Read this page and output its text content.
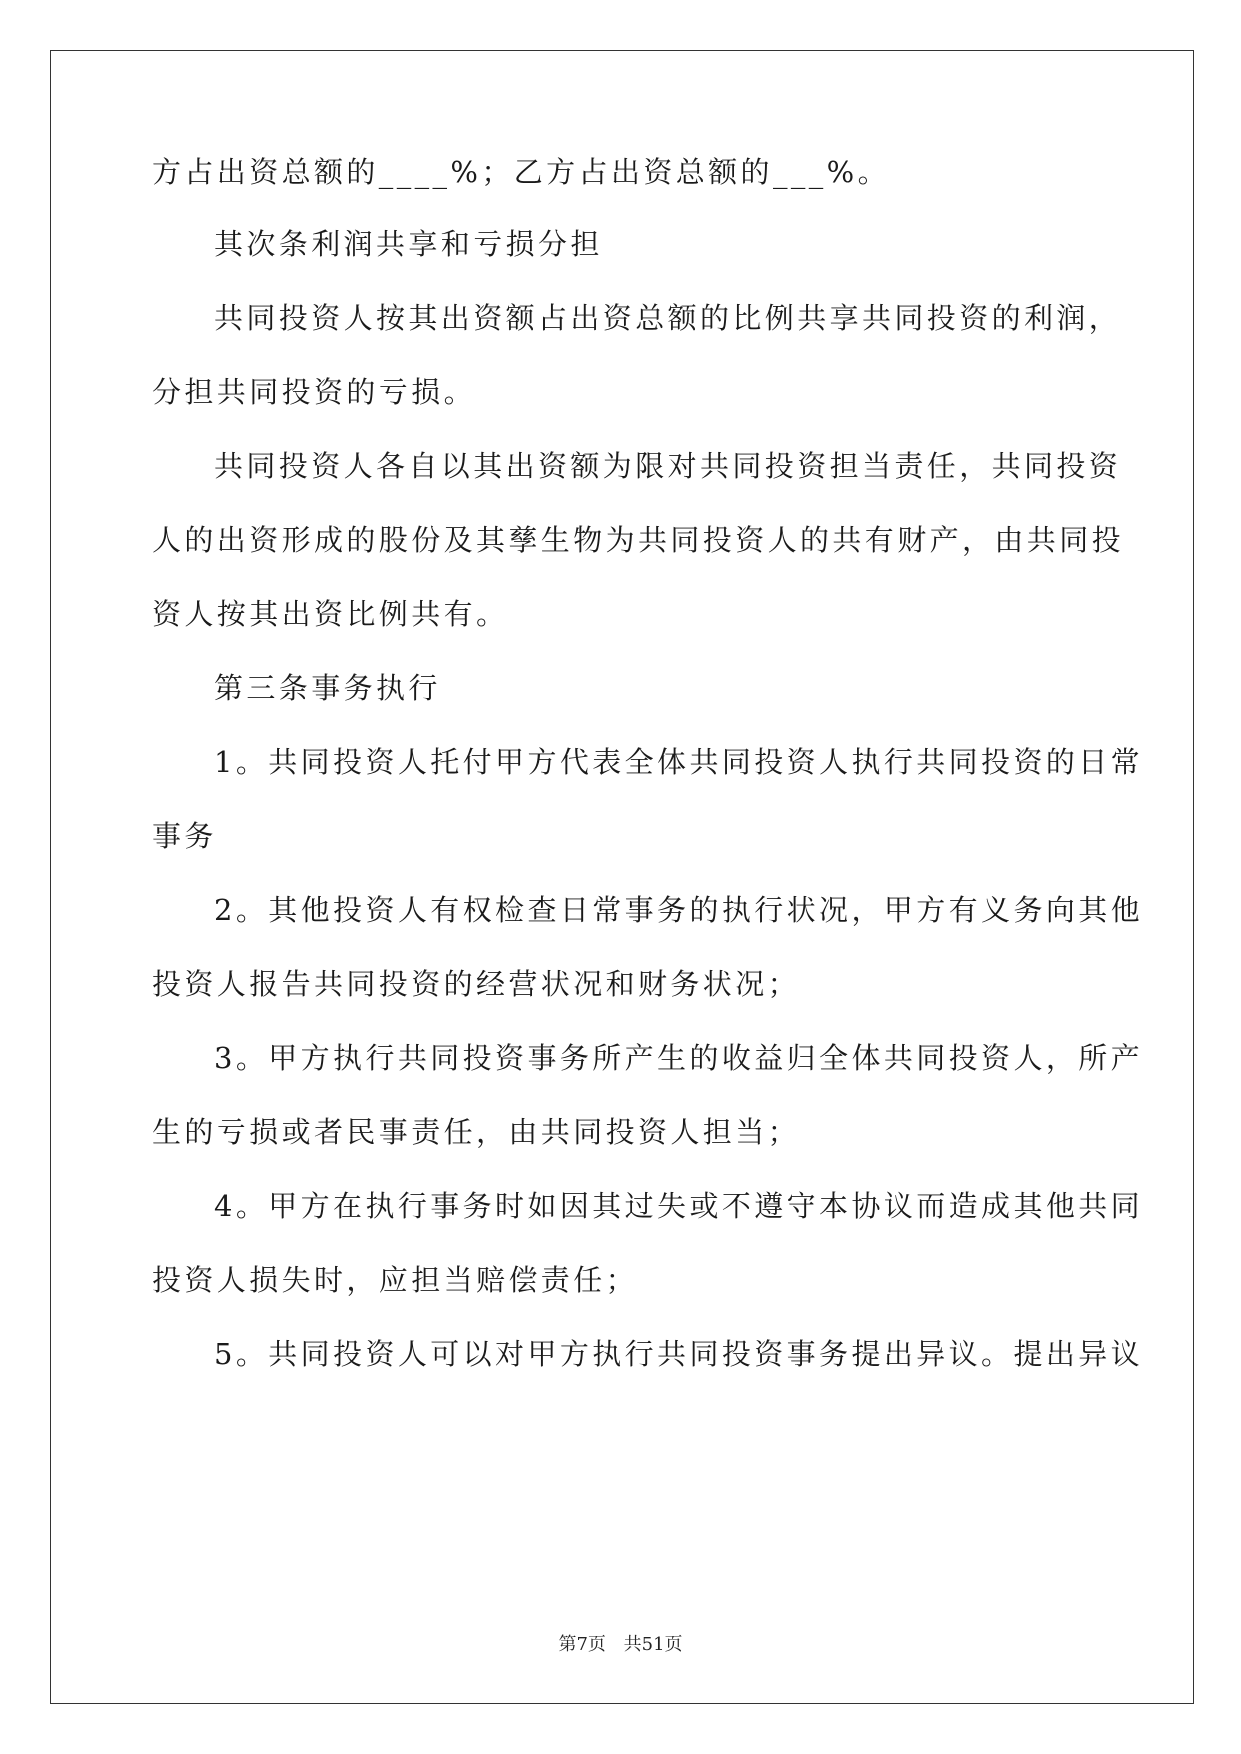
方占出资总额的____%；乙方占出资总额的___%。
其次条利润共享和亏损分担
共同投资人按其出资额占出资总额的比例共享共同投资的利润，
分担共同投资的亏损。
共同投资人各自以其出资额为限对共同投资担当责任，共同投资
人的出资形成的股份及其孳生物为共同投资人的共有财产，由共同投
资人按其出资比例共有。
第三条事务执行
1。共同投资人托付甲方代表全体共同投资人执行共同投资的日常
事务
2。其他投资人有权检查日常事务的执行状况，甲方有义务向其他
投资人报告共同投资的经营状况和财务状况；
3。甲方执行共同投资事务所产生的收益归全体共同投资人，所产
生的亏损或者民事责任，由共同投资人担当；
4。甲方在执行事务时如因其过失或不遵守本协议而造成其他共同
投资人损失时，应担当赔偿责任；
5。共同投资人可以对甲方执行共同投资事务提出异议。提出异议
第7页 共51页
